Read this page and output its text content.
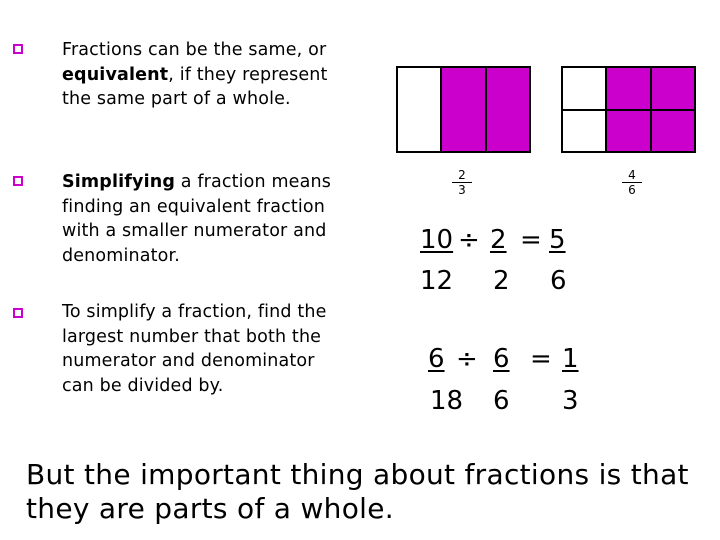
Fractions can be the same, or equivalent, if they represent the same part of a whole.
Simplifying a fraction means finding an equivalent fraction with a smaller numerator and denominator.
To simplify a fraction, find the largest number that both the numerator and denominator can be divided by.
$\frac{2}{3}$	$\frac{4}{6}$
10 ÷ 2 = 5
12 2 6
6 ÷ 6 = 1
18 6 3
But the important thing about fractions is that they are parts of a whole.
